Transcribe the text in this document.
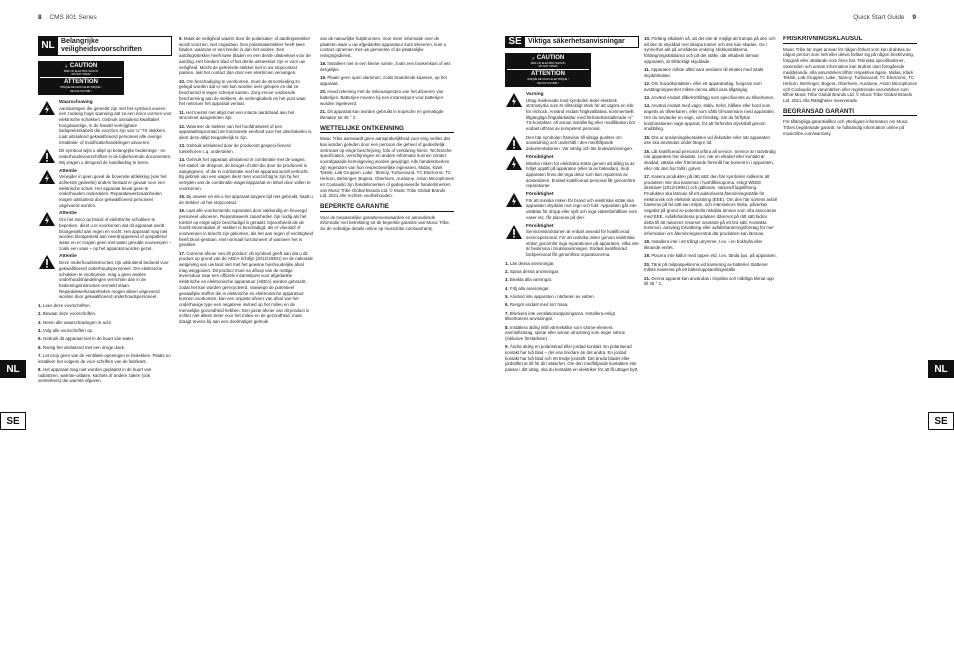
8 CMS 801 Series
NL Belangrijke veiligheidsvoorschriften
⚡ CAUTION
RISK OF ELECTRIC SHOCK!
DO NOT OPEN!
ATTENTION
RISQUE DE CHOC ELECTRIQUE !
NE PAS OUVRIR !
Waarschuwing
Aansluitingen die gemerkt zijn met het symbool voeren een zodanig hoge spanning dat ze een risico vormen voor elektrische schokken. Gebruik uitsluitend kwalitatief hoogwaardige, in de handel verkrijgbare luidsprekerkabels die voorzien zijn van ¼" TS stekkers. Laat uitsluitend gekwalificeerd personeel alle overige installatie- of modificatiehandelingen uitvoeren.
Dit symbool wijst u altijd op belangrijke bedienings - en onderhoudsvoorschriften in de bijbehorende documenten. Wij vragen u dringend de handleiding te lezen.
Attentie
Verwijder in geen geval de bovenste afdekking (van het achterste gedeelte) anders bestaat er gevaar voor een elektrische schok. Het apparaat bevat geen te onderhouden onderdelen. Reparatiewerkzaamheden mogen uitsluitend door gekwalificeerd personeel uitgevoerd worden.
Attentie
Om het risico op brand of elektrische schokken te beperken, dient u te voorkomen dat dit apparaat wordt blootgesteld aan regen en vocht. Het apparaat mag niet worden blootgesteld aan neerdruppelend of opspattend water en er mogen geen met water gevulde voorwerpen – zoals een vaas – op het apparaat worden gezet.
Attentie
Deze onderhoudsinstructies zijn uitsluitend bedoeld voor gekwalificeerd onderhoudspersoneel. Om elektrische schokken te voorkomen, mag u geen andere onderhoudshandelingen verrichten dan in de bedieningsinstructies vermeld staan. Reparatiewerkzaamheden mogen alleen uitgevoerd worden door gekwalificeerd onderhoudspersoneel.

1. Lees deze voorschriften.

2. Bewaar deze voorschriften.

3. Neem alle waarschuwingen in acht.

4. Volg alle voorschriften op.

5. Gebruik dit apparaat niet in de buurt van water.

6. Reinig het uitsluitend met een droge doek.

7. Let erop geen van de ventilatie-openingen te bedekken. Plaats en installeer het volgens de voor-schriften van de fabrikant.

8. Het apparaat mag niet worden geplaatst in de buurt van radiatoren, warmte-uitlaten, kachels of andere zaken (ook versterkers) die warmte afgeven.

9. Maak de veiligheid waarin door de polarisatie- of aardingsstekker wordt voorzien, niet ongedaan. Een polarisatiestekker heeft twee bladen, waarvan er een breder is dan het andere. Een aardingsstekker heeft twee bladen en een derde uitsteeksel voor de aarding. Het bredere blad of het derde uitsteeksel zijn er voor uw veiligheid. Mocht de geleverde stekker niet in uw stopcontact passen, laat het contact dan door een elektricien vervangen.

10. Om beschadiging te voorkomen, moet de stroomleiding zo gelegd worden dat er niet kan worden over gelopen en dat ze beschermd is tegen scherpe kanten. Zorg ervoor voldoende bescherming aan de stekkers, de verlengkabels en het punt waar het netsnoer het apparaat verlaat.

11. Het toestel met altijd met een intacte aarddraad aan het stroomnet aangesloten zijn.

12. Wanneer de stekker van het hoofdnetwerk of een apparaatstopcontact de functionele eenheid voor het uitschakelen is, dient deze altijd toegankelijk te zijn.

13. Gebruik uitsluitend door de producent gespeci-ficeerd toebehoren c.q. onderdelen.

14. Gebruik het apparaat uitsluitend in combinatie met de wagen, het statief, de driepoot, de beugel of tafel die door de producent is aangegeven, of die in combinatie met het apparaat wordt verkocht. Bij gebruik van een wagen dient men voorzichtig te zijn bij het verrijden van de combinatie wagen/apparaat en letsel door vallen te voorkomen.

15. Bij onweer en als u het apparaat langere tijd niet gebruikt, haalt u de stekker uit het stopcontact.

16. Laat alle voorkomende reparaties door vakkundig en bevoegd personeel uitvoeren. Reparatiewerk zaamheden zijn nodig als het toestel op enige wijze beschadigd is geraakt, bijvoorbeeld als de hoofd-stroomkabel of -stekker is beschadigd, als er vloeistof of voorwerpen in terecht zijn gekomen, als het aan regen of vochtigheid heeft bloot-gestaan, niet normaal functioneert of wanneer het is gevallen.

17. Correcte afvoer van dit product: dit symbool geeft aan dat u dit product op grond van de AEEA-richtlijn (2012/19/EU) en de nationale wetgeving van uw land niet met het gewone huishoudelijke afval mag weggooien. Dit product moet na afloop van de nuttige levensduur naar een officiële inzamelpost voor afgedankte elektrische en elektronische apparatuur (AEEA) worden gebracht, zodat het kan worden gerecycleerd. Vanwege de potentieel gevaarlijke stoffen die in elektrische en elektronische apparatuur kunnen voorkomen, kan een onjuiste afvoer van afval van het onderhavige type een negatieve invloed op het milieu en de menselijke gezondheid hebben. Een juiste afvoer van dit product is echter niet alleen beter voor het milieu en de gezondheid, maar draagt tevens bij aan een doelmatiger gebruik

van de natuurlijke hulpbronnen. Voor meer informatie over de plaatsen waar u uw afgedankte apparatuur kunt inleveren, kunt u contact opnemen met uw gemeente of de plaatselijke reinigingsdienst.

18. Installeer niet in een kleine ruimte, zoals een boekenkast of iets dergelijks.

19. Plaats geen open vlammen, zoals brandende kaarsen, op het apparaat.

20. Houd rekening met de milieuaspecten van het afvoeren van batterijen. Batterijen moeten bij een inzamelpunt voor batterijen worden ingeleverd.

21. Dit apparaat kan worden gebruikt in tropische en gematigde klimaten tot 45 ° C .

WETTELIJKE ONTKENNING

Music Tribe aanvaardt geen aansprakelijkheid voor enig verlies dat kan worden geleden door een persoon die geheel of gedeeltelijk vertrouwt op enige beschrijving, foto of verklaring hierin. Technische specificaties, verschijningen en andere informatie kunnen zonder voorafgaande kennisgeving worden gewijzigd. Alle handelsmerken zijn eigendom van hun respectievelijke eigenaren. Midas, Klark Teknik, Lab Gruppen, Lake, Tannoy, Turbosound, TC Electronic, TC Helicon, Behringer, Bugera, Oberheim, Auratone, Aston Microphones en Coolaudio zijn handelsmerken of gedeponeerde handelsmerken van Music Tribe Global Brands Ltd. © Music Tribe Global Brands Ltd. 2021 Alle rechten voorbehouden.

BEPERKTE GARANTIE

Voor de toepasselijke garantievoorwaarden en aanvullende informatie met betrekking tot de beperkte garantie van Music Tribe, zie de volledige details online op musictribe.com/warranty.

Quick Start Guide 9
SE Viktiga säkerhetsanvisningar
⚡ CAUTION
RISK OF ELECTRIC SHOCK!
DO NOT OPEN!
ATTENTION
RISQUE DE CHOC ELECTRIQUE !
NE PAS OUVRIR !
Varning
Uttag markerade med symbolen leder elektrisk strömstyrka som är tillräckligt stark för att utgöra en risk för elchock. Använd endast högkvalitativa, kommersiellt tillgängliga högtalarkablar med förhandsinstallerade ¼" TS-kontakter. All annan installering eller modifikation bör endast utföras av kompetent personal.
Den här symbolen hänvisar till viktiga punkter om användning och underhåll i den medfölljande dokumentationen. Var vänlig och läs bruksanvisningen.
Försiktighet
Minska risken för elektriska stötar genom att aldrig ta av höljet upptill på apparaten (eller ta av baksidan). Inuti apparaten finns det inga delar som kan repareras av användaren. Endast kvalificerad personal får genomföra reparationer.
Försiktighet
För att minska risken för brand och elektriska stötar ska apparaten skyddas mot regn och fukt. Apparaten går inte utsättas för dropp eller spill och inga vattenbehållare som vaser etc. får placeras på den.
Försiktighet
Serviceinstruktionen är enbart avsedd för kvalificerad servicepersonal. För att undvika risker genom elektriska stötar, genomför inga reparationer på apparaten, vilka inte är beskrivna i bruksanvisningen. Endast kvalificerad fackpersonal får genomföra reparationerna.

1. Läs dessa anvisningar.

2. Spara dessa anvisningar.

3. Beakta alla varningar.

4. Följ alla anvisningar.

5. Använd inte apparaten i närheten av vatten.

6. Rengör endast med torr trasa.

7. Blockera inte ventilationsöppningarna. Installera enligt tillverkarens anvisningar.

8. Installera aldrig intill värmekällor som värme-element, varmluftsintag, spisar eller annan utrustning som avger värme (inklusive förstärkare).

9. Ändra aldrig en polariserad eller jordad kontakt. En polariserad kontakt har två blad – det ena bredare än det andra. En jordad kontakt har två blad och ett tredje jordstift. Det breda bladet eller jordstiftet är till för din säkerhet. Om den medföljande kontakten inte passar i ditt uttag, ska du kontakta en elektriker för att få uttaget bytt.

10. Förläng elkabeln så, att det inte är möjligt att trampa på den och att den är skyddad mot skarpa kanter och inte kan skadas. Ge i synnerhet akt på områdena omkring stickkontakterna, förlängningskablarna och på det ställe, där elkabeln lämnar apparaten, är tillräckligt skyddade.

11. Apparaten måste alltid vara ansluten till elnätet med intakt skyddsledare.

12. Om huvudkontakten, eller ett apparatuttag, fungerar som avstängningsenhet måste denna alltid vara tillgänglig.

13. Använd endast tillbehör/tillägg som specificerats av tillverkaren.

14. Använd endast med vagn, stativ, trefot, hållare eller bord som angetts av tillverkaren, eller som sålts till-sammans med apparaten. Om du använder en vagn, var försiktig, när du förflyttar kombinationen vagn-apparat, för att förhindra olycksfall genom snubbling.

15. Dra ur anslutningskontakten vid åskväder eller när apparaten inte ska användas under längre tid.

16. Låt kvalificerad personal utföra all service. Service är nödvändig när apparaten har skadats, t.ex. när en elkabel eller kontakt är skadad, vätska eller främmande föremål har kommit in i apparaten, eller när den har fallit i golvet.

17. Kasera produkten på rätt sätt: den här symbolen indikerar att produkten inte ska kasseras i hushållssoporna, enligt WEEE direktivet (2012/19/EU) och gällande, nationell lagstiftning. Produkten ska lämnas till ett auktoriserat återvinningsställe för elektronisk och elektrisk utrustning (EEE). Om den här sortens avfall hanteras på fel sätt kan miljön, och människors hälsa, påverkas negativt på grund av potentiella riskabla ämnen som ofta associeras med EEE. Avfallshanteras produkten däremot på rätt sätt bidrar detta till att naturens resurser används på ett bra sätt. Kontakta kommun, ansvarig förvaltning eller avfallshanteringsföretag för mer information om återvinningscentral där produkten kan lämnas.

18. Installera inte i ett trångt utrymme, t.ex. i en bokhylla eller liknande enhet.

19. Placera inte källor med öppen eld, t.ex. tända ljus, på apparaten.

20. Tänk på miljöaspekterna vid kassering av batterier. Batterier måste kasseras på ett batteriuppsamlingsställe.

21. Denna apparat kan användas i tropiska och måttliga klimat upp till 45 ° C.

FRISKRIVNINGSKLAUSUL

Music Tribe tar inget ansvar för någon förlust som kan drabbas av någon person som helt eller delvis förlitar sig på någon beskrivning, fotografi eller uttalande som finns här. Tekniska specifikationer, utseenden och annan information kan ändras utan föregående meddelande. Alla varumärken tillhör respektive ägare. Midas, Klark Teknik, Lab Gruppen, Lake, Tannoy, Turbosound, TC Electronic, TC Helicon, Behringer, Bugera, Oberheim, Auratone, Aston Microphones och Coolaudio är varumärken eller registrerade varumärken som tillhör Music Tribe Global Brands Ltd. © Music Tribe Global Brands Ltd. 2021 Alla Rättigheter reserverade.

BEGRÄNSAD GARANTI

För tillämpliga garantivillkor och ytterligare information om Music Tribes begränsade garanti, se fullständig information online på musictribe.com/warranty.

NL
SE
NL
SE
